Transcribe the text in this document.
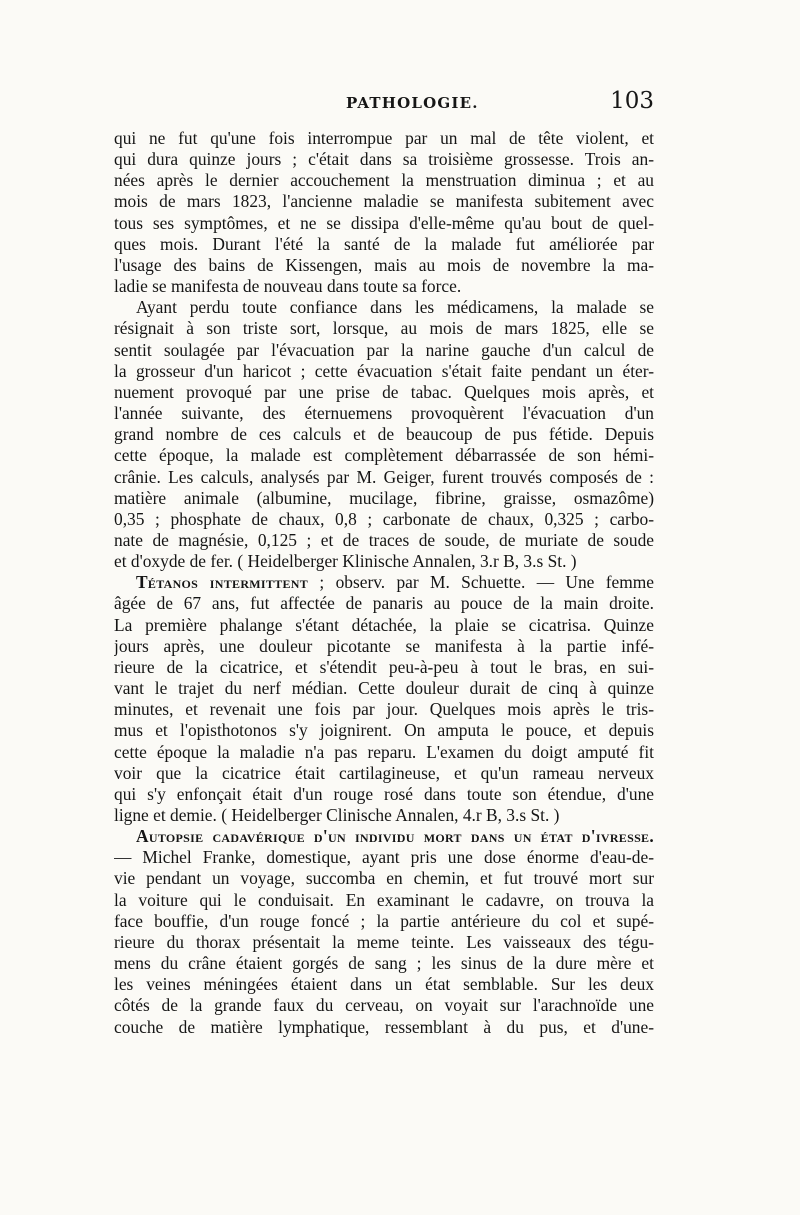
PATHOLOGIE.	103
qui ne fut qu'une fois interrompue par un mal de tête violent, et
qui dura quinze jours ; c'était dans sa troisième grossesse. Trois an-
nées après le dernier accouchement la menstruation diminua ; et au
mois de mars 1823, l'ancienne maladie se manifesta subitement avec
tous ses symptômes, et ne se dissipa d'elle-même qu'au bout de quel-
ques mois. Durant l'été la santé de la malade fut améliorée par
l'usage des bains de Kissengen, mais au mois de novembre la ma-
ladie se manifesta de nouveau dans toute sa force.
Ayant perdu toute confiance dans les médicamens, la malade se
résignait à son triste sort, lorsque, au mois de mars 1825, elle se
sentit soulagée par l'évacuation par la narine gauche d'un calcul de
la grosseur d'un haricot ; cette évacuation s'était faite pendant un éter-
nuement provoqué par une prise de tabac. Quelques mois après, et
l'année suivante, des éternuemens provoquèrent l'évacuation d'un
grand nombre de ces calculs et de beaucoup de pus fétide. Depuis
cette époque, la malade est complètement débarrassée de son hémi-
crânie. Les calculs, analysés par M. Geiger, furent trouvés composés de :
matière animale (albumine, mucilage, fibrine, graisse, osmazôme)
0,35 ; phosphate de chaux, 0,8 ; carbonate de chaux, 0,325 ; carbo-
nate de magnésie, 0,125 ; et de traces de soude, de muriate de soude
et d'oxyde de fer. ( Heidelberger Klinische Annalen, 3.r B, 3.s St. )
Tétanos intermittent ; observ. par M. Schuette. — Une femme
âgée de 67 ans, fut affectée de panaris au pouce de la main droite.
La première phalange s'étant détachée, la plaie se cicatrisa. Quinze
jours après, une douleur picotante se manifesta à la partie infé-
rieure de la cicatrice, et s'étendit peu-à-peu à tout le bras, en sui-
vant le trajet du nerf médian. Cette douleur durait de cinq à quinze
minutes, et revenait une fois par jour. Quelques mois après le tris-
mus et l'opisthotonos s'y joignirent. On amputa le pouce, et depuis
cette époque la maladie n'a pas reparu. L'examen du doigt amputé fit
voir que la cicatrice était cartilagineuse, et qu'un rameau nerveux
qui s'y enfonçait était d'un rouge rosé dans toute son étendue, d'une
ligne et demie. ( Heidelberger Clinische Annalen, 4.r B, 3.s St. )
Autopsie cadavérique d'un individu mort dans un état d'ivresse.
— Michel Franke, domestique, ayant pris une dose énorme d'eau-de-
vie pendant un voyage, succomba en chemin, et fut trouvé mort sur
la voiture qui le conduisait. En examinant le cadavre, on trouva la
face bouffie, d'un rouge foncé ; la partie antérieure du col et supé-
rieure du thorax présentait la meme teinte. Les vaisseaux des tégu-
mens du crâne étaient gorgés de sang ; les sinus de la dure mère et
les veines méningées étaient dans un état semblable. Sur les deux
côtés de la grande faux du cerveau, on voyait sur l'arachnoïde une
couche de matière lymphatique, ressemblant à du pus, et d'une-
